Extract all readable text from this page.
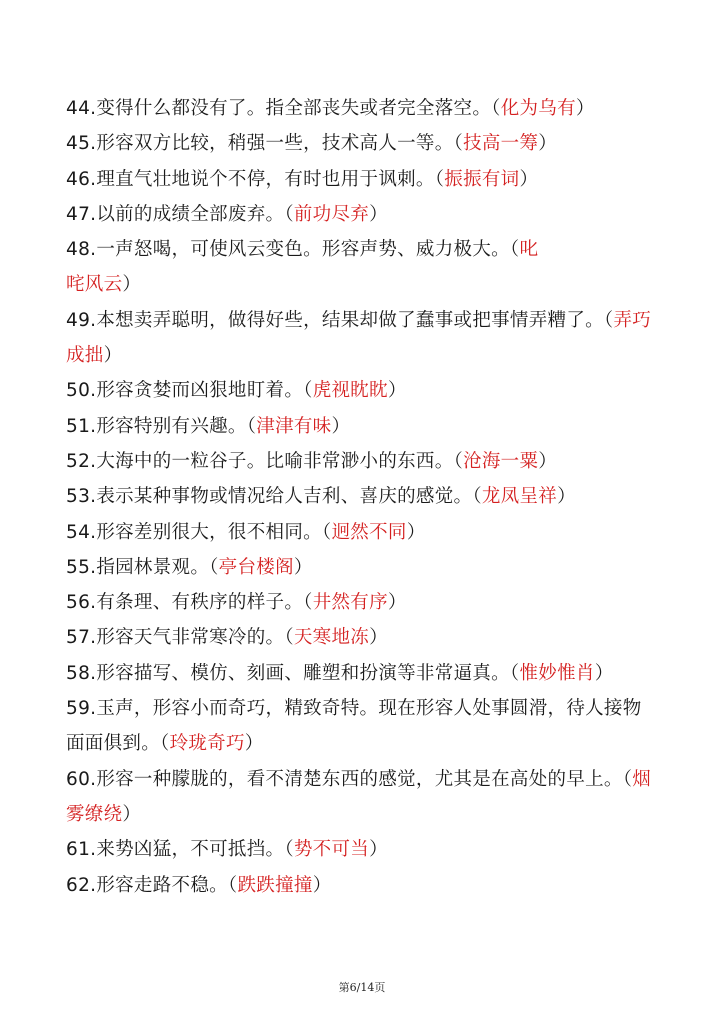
44.变得什么都没有了。指全部丧失或者完全落空。（化为乌有）
45.形容双方比较，稍强一些，技术高人一等。（技高一筹）
46.理直气壮地说个不停，有时也用于讽刺。（振振有词）
47.以前的成绩全部废弃。（前功尽弃）
48.一声怒喝，可使风云变色。形容声势、威力极大。（叱
咤风云）
49.本想卖弄聪明，做得好些，结果却做了蠢事或把事情弄糟了。（弄巧
成拙）
50.形容贪婪而凶狠地盯着。（虎视眈眈）
51.形容特别有兴趣。（津津有味）
52.大海中的一粒谷子。比喻非常渺小的东西。（沧海一粟）
53.表示某种事物或情况给人吉利、喜庆的感觉。（龙凤呈祥）
54.形容差别很大，很不相同。（迥然不同）
55.指园林景观。（亭台楼阁）
56.有条理、有秩序的样子。（井然有序）
57.形容天气非常寒冷的。（天寒地冻）
58.形容描写、模仿、刻画、雕塑和扮演等非常逼真。（惟妙惟肖）
59.玉声，形容小而奇巧，精致奇特。现在形容人处事圆滑，待人接物
面面俱到。（玲珑奇巧）
60.形容一种朦胧的，看不清楚东西的感觉，尤其是在高处的早上。（烟
雾缭绕）
61.来势凶猛，不可抵挡。（势不可当）
62.形容走路不稳。（跌跌撞撞）
第6/14页
